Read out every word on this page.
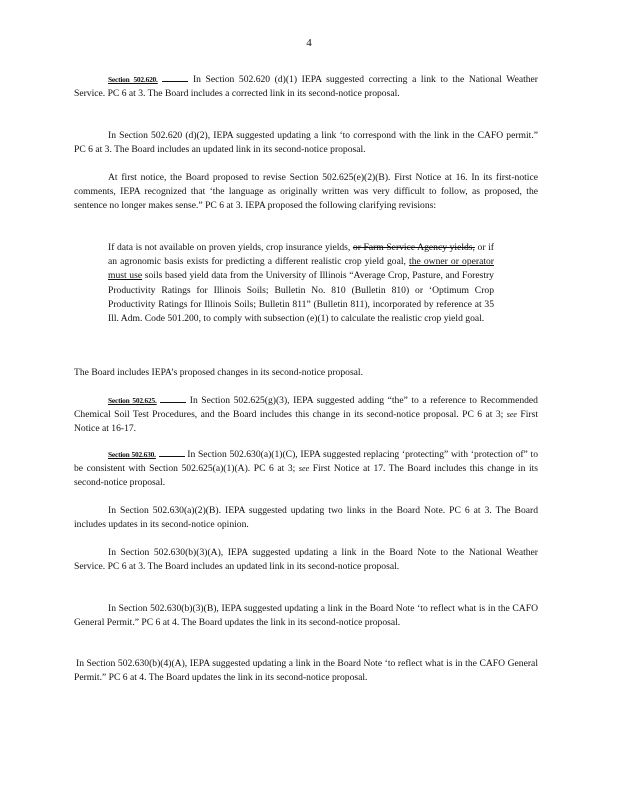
4

Section 502.620.	In Section 502.620 (d)(1) IEPA suggested correcting a link to the National Weather Service. PC 6 at 3. The Board includes a corrected link in its second-notice proposal.

In Section 502.620 (d)(2), IEPA suggested updating a link ‘to correspond with the link in the CAFO permit.” PC 6 at 3. The Board includes an updated link in its second-notice proposal.

At first notice, the Board proposed to revise Section 502.625(e)(2)(B). First Notice at 16. In its first-notice comments, IEPA recognized that ‘the language as originally written was very difficult to follow, as proposed, the sentence no longer makes sense.” PC 6 at 3. IEPA proposed the following clarifying revisions:

If data is not available on proven yields, crop insurance yields, or Farm Service Agency yields, or if an agronomic basis exists for predicting a different realistic crop yield goal, the owner or operator must use soils based yield data from the University of Illinois “Average Crop, Pasture, and Forestry Productivity Ratings for Illinois Soils; Bulletin No. 810 (Bulletin 810) or ‘Optimum Crop Productivity Ratings for Illinois Soils; Bulletin 811” (Bulletin 811), incorporated by reference at 35 Ill. Adm. Code 501.200, to comply with subsection (e)(1) to calculate the realistic crop yield goal.

The Board includes IEPA’s proposed changes in its second-notice proposal.

Section 502.625.	In Section 502.625(g)(3), IEPA suggested adding “the” to a reference to Recommended Chemical Soil Test Procedures, and the Board includes this change in its second-notice proposal. PC 6 at 3; see First Notice at 16-17.

Section 502.630.	In Section 502.630(a)(1)(C), IEPA suggested replacing ‘protecting” with ‘protection of” to be consistent with Section 502.625(a)(1)(A). PC 6 at 3; see First Notice at 17. The Board includes this change in its second-notice proposal.

In Section 502.630(a)(2)(B). IEPA suggested updating two links in the Board Note. PC 6 at 3. The Board includes updates in its second-notice opinion.

In Section 502.630(b)(3)(A), IEPA suggested updating a link in the Board Note to the National Weather Service. PC 6 at 3. The Board includes an updated link in its second-notice proposal.

In Section 502.630(b)(3)(B), IEPA suggested updating a link in the Board Note ‘to reflect what is in the CAFO General Permit.” PC 6 at 4. The Board updates the link in its second-notice proposal.

In Section 502.630(b)(4)(A), IEPA suggested updating a link in the Board Note ‘to reflect what is in the CAFO General Permit.” PC 6 at 4. The Board updates the link in its second-notice proposal.
